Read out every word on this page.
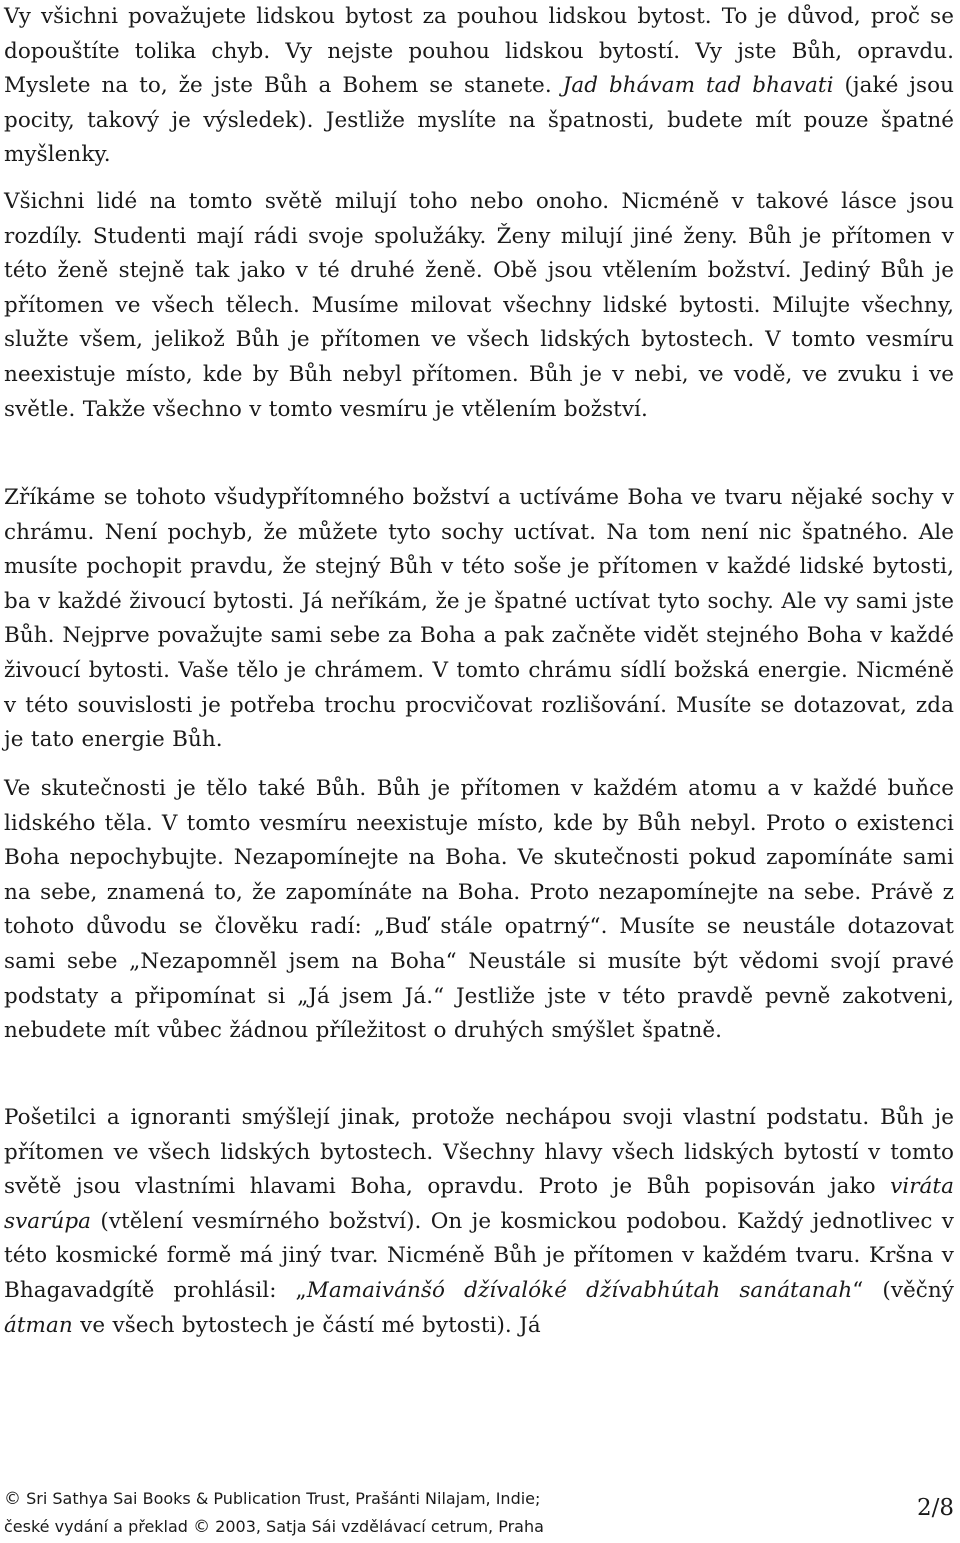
Vy všichni považujete lidskou bytost za pouhou lidskou bytost. To je důvod, proč se dopouštíte tolika chyb. Vy nejste pouhou lidskou bytostí. Vy jste Bůh, opravdu. Myslete na to, že jste Bůh a Bohem se stanete. Jad bhávam tad bhavati (jaké jsou pocity, takový je výsledek). Jestliže myslíte na špatnosti, budete mít pouze špatné myšlenky.

Všichni lidé na tomto světě milují toho nebo onoho. Nicméně v takové lásce jsou rozdíly. Studenti mají rádi svoje spolužáky. Ženy milují jiné ženy. Bůh je přítomen v této ženě stejně tak jako v té druhé ženě. Obě jsou vtělením božství. Jediný Bůh je přítomen ve všech tělech. Musíme milovat všechny lidské bytosti. Milujte všechny, služte všem, jelikož Bůh je přítomen ve všech lidských bytostech. V tomto vesmíru neexistuje místo, kde by Bůh nebyl přítomen. Bůh je v nebi, ve vodě, ve zvuku i ve světle. Takže všechno v tomto vesmíru je vtělením božství.

Zříkáme se tohoto všudypřítomného božství a uctíváme Boha ve tvaru nějaké sochy v chrámu. Není pochyb, že můžete tyto sochy uctívat. Na tom není nic špatného. Ale musíte pochopit pravdu, že stejný Bůh v této soše je přítomen v každé lidské bytosti, ba v každé živoucí bytosti. Já neříkám, že je špatné uctívat tyto sochy. Ale vy sami jste Bůh. Nejprve považujte sami sebe za Boha a pak začněte vidět stejného Boha v každé živoucí bytosti. Vaše tělo je chrámem. V tomto chrámu sídlí božská energie. Nicméně v této souvislosti je potřeba trochu procvičovat rozlišování. Musíte se dotazovat, zda je tato energie Bůh.

Ve skutečnosti je tělo také Bůh. Bůh je přítomen v každém atomu a v každé buňce lidského těla. V tomto vesmíru neexistuje místo, kde by Bůh nebyl. Proto o existenci Boha nepochybujte. Nezapomínejte na Boha. Ve skutečnosti pokud zapomínáte sami na sebe, znamená to, že zapomínáte na Boha. Proto nezapomínejte na sebe. Právě z tohoto důvodu se člověku radí: „Buď stále opatrný“. Musíte se neustále dotazovat sami sebe „Nezapomněl jsem na Boha“ Neustále si musíte být vědomi svojí pravé podstaty a připomínat si „Já jsem Já.“ Jestliže jste v této pravdě pevně zakotveni, nebudete mít vůbec žádnou příležitost o druhých smýšlet špatně.

Pošetilci a ignoranti smýšlejí jinak, protože nechápou svoji vlastní podstatu. Bůh je přítomen ve všech lidských bytostech. Všechny hlavy všech lidských bytostí v tomto světě jsou vlastními hlavami Boha, opravdu. Proto je Bůh popisován jako viráta svarúpa (vtělení vesmírného božství). On je kosmickou podobou. Každý jednotlivec v této kosmické formě má jiný tvar. Nicméně Bůh je přítomen v každém tvaru. Kršna v Bhagavadgítě prohlásil: „Mamaivánšó džívalóké džívabhútah sanátanah“ (věčný átman ve všech bytostech je částí mé bytosti). Já

© Sri Sathya Sai Books & Publication Trust, Prašánti Nilajam, Indie;
české vydání a překlad © 2003, Satja Sái vzdělávací cetrum, Praha
2/8
